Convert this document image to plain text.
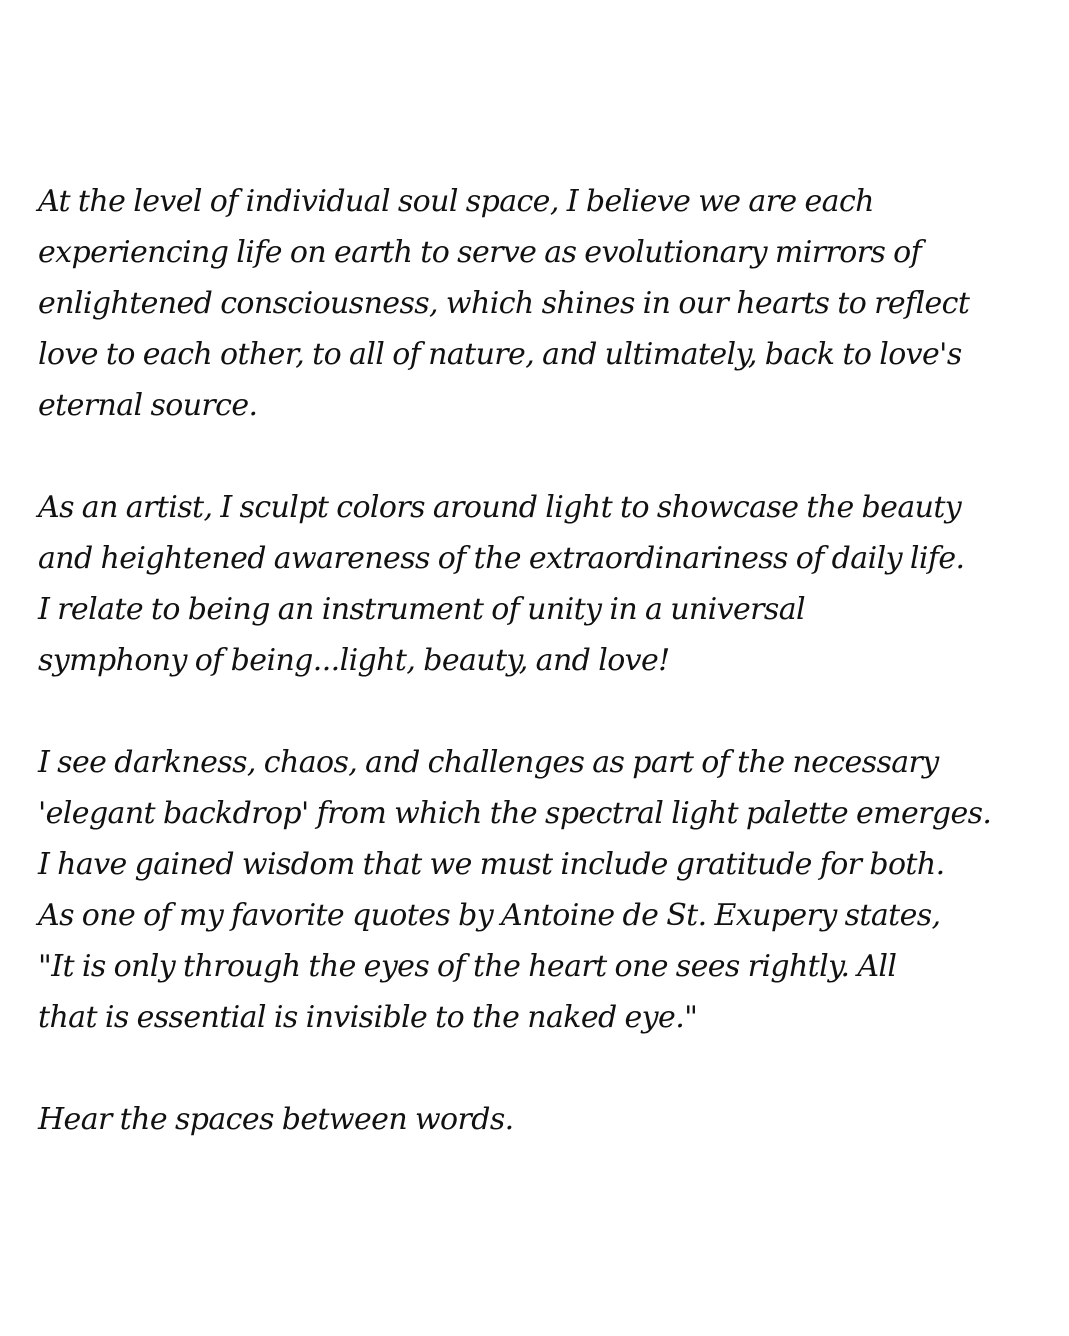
At the level of individual soul space, I believe we are each
experiencing life on earth to serve as evolutionary mirrors of
enlightened consciousness, which shines in our hearts to reflect
love to each other, to all of nature, and ultimately, back to love's
eternal source.
As an artist, I sculpt colors around light to showcase the beauty
and heightened awareness of the extraordinariness of daily life.
I relate to being an instrument of unity in a universal
symphony of being...light, beauty, and love!
I see darkness, chaos, and challenges as part of the necessary
'elegant backdrop' from which the spectral light palette emerges.
I have gained wisdom that we must include gratitude for both.
As one of my favorite quotes by Antoine de St. Exupery states,
"It is only through the eyes of the heart one sees rightly. All
that is essential is invisible to the naked eye."
Hear the spaces between words.
